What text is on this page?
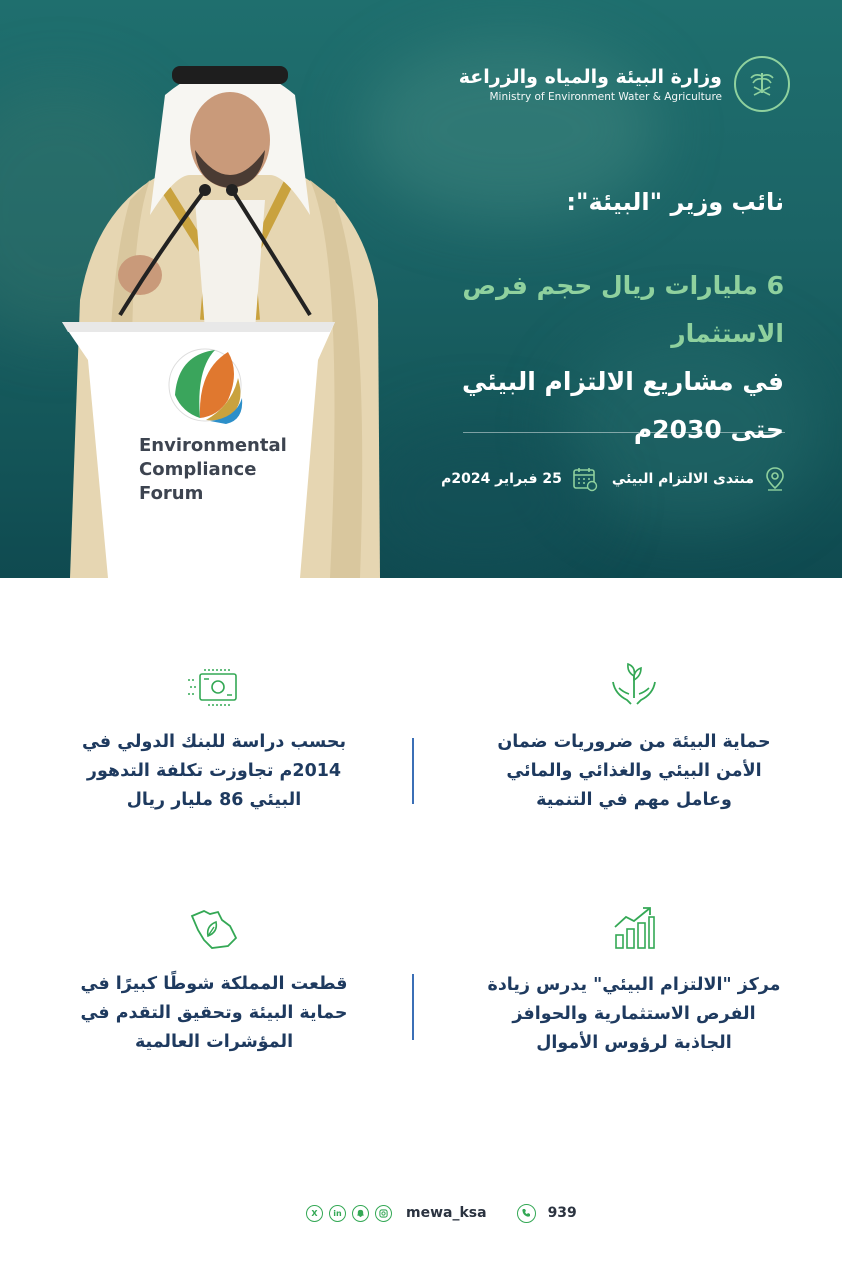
Environmental
Compliance
Forum
وزارة البيئة والمياه والزراعة
Ministry of Environment Water & Agriculture
نائب وزير "البيئة":
6 مليارات ريال حجم فرص الاستثمار
في مشاريع الالتزام البيئي
حتى 2030م
منتدى الالتزام البيئي
25 فبراير 2024م
حماية البيئة من ضروريات ضمان الأمن البيئي والغذائي والمائي وعامل مهم في التنمية
بحسب دراسة للبنك الدولي في 2014م تجاوزت تكلفة التدهور البيئي 86 مليار ريال
مركز "الالتزام البيئي" يدرس زيادة الفرص الاستثمارية والحوافز الجاذبة لرؤوس الأموال
قطعت المملكة شوطًا كبيرًا في حماية البيئة وتحقيق التقدم في المؤشرات العالمية
X	in	mewa_ksa	939
